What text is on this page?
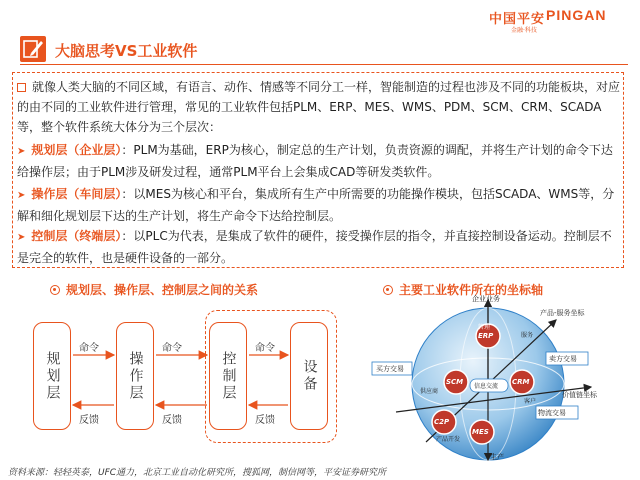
中国平安 PINGAN
金融·科技
大脑思考VS工业软件
就像人类大脑的不同区域，有语言、动作、情感等不同分工一样，智能制造的过程也涉及不同的功能板块，对应的由不同的工业软件进行管理，常见的工业软件包括PLM、ERP、MES、WMS、PDM、SCM、CRM、SCADA等，整个软件系统大体分为三个层次：
➤ 规划层（企业层）：PLM为基础，ERP为核心，制定总的生产计划，负责资源的调配，并将生产计划的命令下达给操作层；由于PLM涉及研发过程，通常PLM平台上会集成CAD等研发类软件。
➤ 操作层（车间层）：以MES为核心和平台，集成所有生产中所需要的功能操作模块，包括SCADA、WMS等，分解和细化规划层下达的生产计划，将生产命令下达给控制层。
➤ 控制层（终端层）：以PLC为代表，是集成了软件的硬件，接受操作层的指令，并直接控制设备运动。控制层不是完全的软件，也是硬件设备的一部分。
规划层、操作层、控制层之间的关系	主要工业软件所在的坐标轴
规划层	操作层	控制层	设备
命令	命令	命令
反馈	反馈	反馈
企业业务
产品-服务坐标
价值链坐标
生产
管理
服务
买方交易
卖方交易
供应商
客户
物流交易
产品开发
信息交流
ERP
SCM	CRM
C2P
MES
资料来源：轻轻英泰，UFC通力，北京工业自动化研究所，搜狐网，制信网等，平安证券研究所
